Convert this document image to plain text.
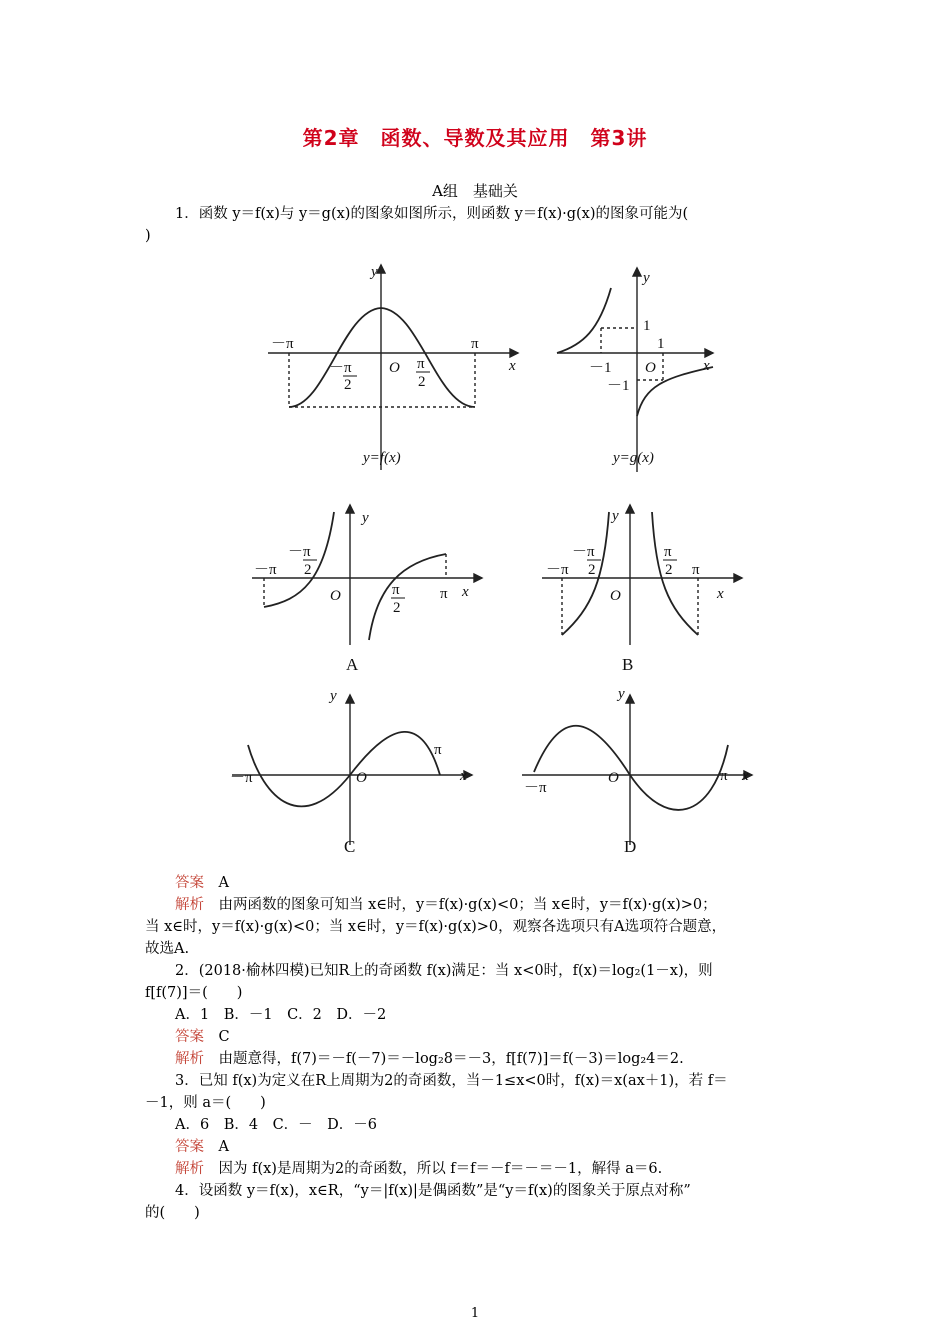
第2章　函数、导数及其应用　第3讲
A组　基础关
1．函数 y＝f(x)与 y＝g(x)的图象如图所示，则函数 y＝f(x)·g(x)的图象可能为(
)
y
x
O
y
x
O
－π	π
－π
2
π
2
1
1
－1
－1
y=f(x)	y=g(x)
y
x
O
y
x
O
y
x
O
y
x
O
－π
－π
2
π
2
π
－π
－π
2
π
2 π
－π
π
－π
π
A	B
C	D
答案　 A
解析　 由两函数的图象可知当 x∈时，y＝f(x)·g(x)<0；当 x∈时，y＝f(x)·g(x)>0；
当 x∈时，y＝f(x)·g(x)<0；当 x∈时，y＝f(x)·g(x)>0，观察各选项只有A选项符合题意，
故选A.
2．(2018·榆林四模)已知R上的奇函数 f(x)满足：当 x<0时，f(x)＝log₂(1－x)，则
f[f(7)]＝(　　)
A．1　B．－1　C．2　D．－2
答案　 C
解析　 由题意得，f(7)＝－f(－7)＝－log₂8＝－3，f[f(7)]＝f(－3)＝log₂4＝2.
3．已知 f(x)为定义在R上周期为2的奇函数，当－1≤x<0时，f(x)＝x(ax＋1)，若 f＝
－1，则 a＝(　　)
A．6　B．4　C．－　D．－6
答案　 A
解析　 因为 f(x)是周期为2的奇函数，所以 f＝f＝－f＝－＝－1，解得 a＝6.
4．设函数 y＝f(x)，x∈R，“y＝|f(x)|是偶函数”是“y＝f(x)的图象关于原点对称”
的(　　)
1
